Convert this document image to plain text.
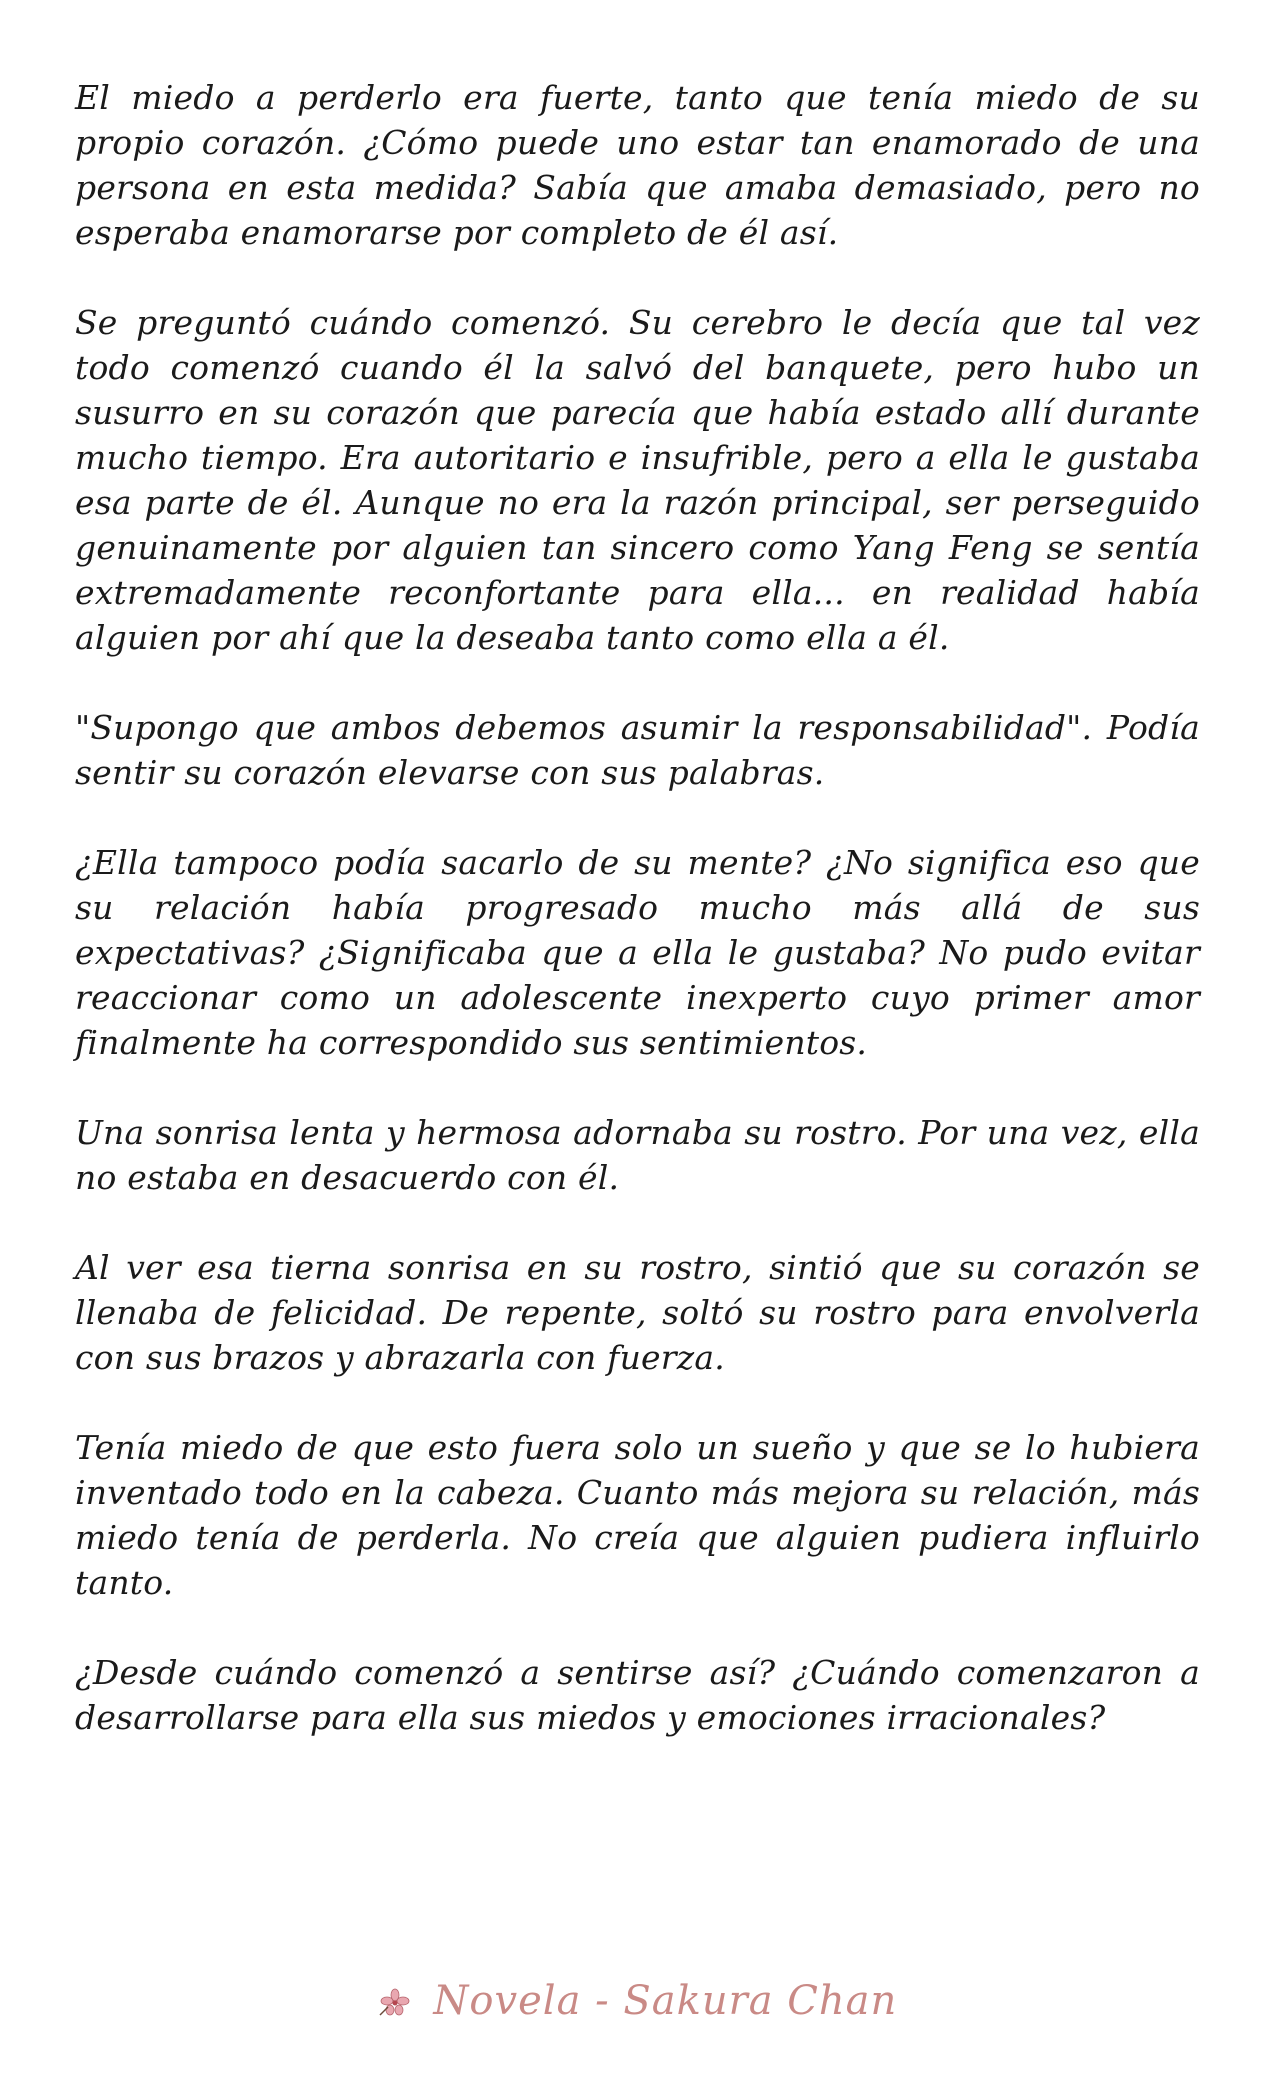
El miedo a perderlo era fuerte, tanto que tenía miedo de su propio corazón. ¿Cómo puede uno estar tan enamorado de una persona en esta medida? Sabía que amaba demasiado, pero no esperaba enamorarse por completo de él así.

Se preguntó cuándo comenzó. Su cerebro le decía que tal vez todo comenzó cuando él la salvó del banquete, pero hubo un susurro en su corazón que parecía que había estado allí durante mucho tiempo. Era autoritario e insufrible, pero a ella le gustaba esa parte de él. Aunque no era la razón principal, ser perseguido genuinamente por alguien tan sincero como Yang Feng se sentía extremadamente reconfortante para ella... en realidad había alguien por ahí que la deseaba tanto como ella a él.

"Supongo que ambos debemos asumir la responsabilidad". Podía sentir su corazón elevarse con sus palabras.

¿Ella tampoco podía sacarlo de su mente? ¿No significa eso que su relación había progresado mucho más allá de sus expectativas? ¿Significaba que a ella le gustaba? No pudo evitar reaccionar como un adolescente inexperto cuyo primer amor finalmente ha correspondido sus sentimientos.

Una sonrisa lenta y hermosa adornaba su rostro. Por una vez, ella no estaba en desacuerdo con él.

Al ver esa tierna sonrisa en su rostro, sintió que su corazón se llenaba de felicidad. De repente, soltó su rostro para envolverla con sus brazos y abrazarla con fuerza.

Tenía miedo de que esto fuera solo un sueño y que se lo hubiera inventado todo en la cabeza. Cuanto más mejora su relación, más miedo tenía de perderla. No creía que alguien pudiera influirlo tanto.

¿Desde cuándo comenzó a sentirse así? ¿Cuándo comenzaron a desarrollarse para ella sus miedos y emociones irracionales?

Novela - Sakura Chan
